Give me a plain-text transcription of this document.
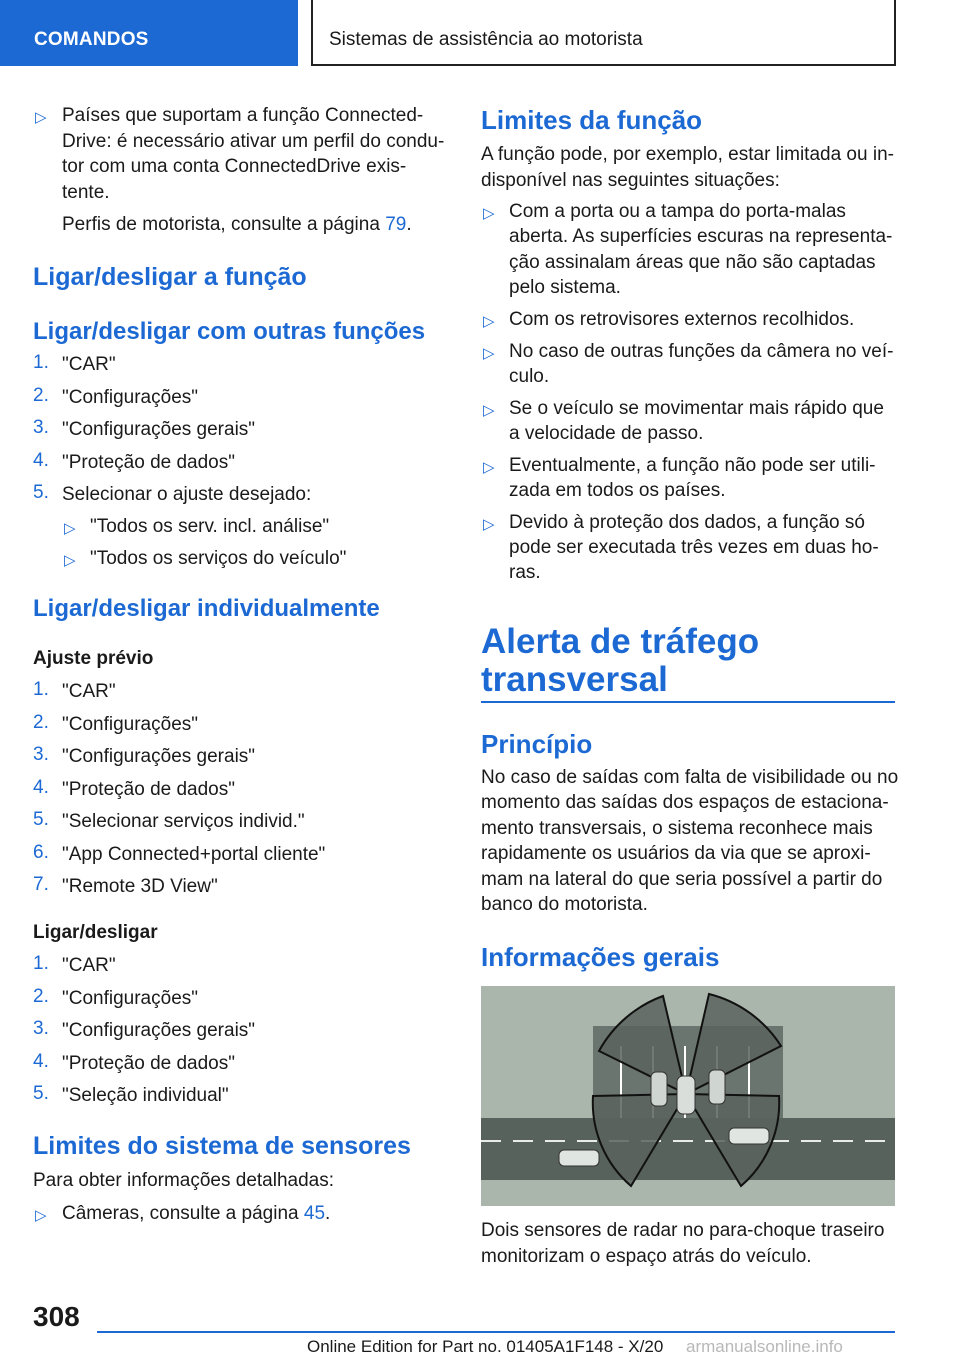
COMANDOS	Sistemas de assistência ao motorista
▷ Países que suportam a função Connected‐
Drive: é necessário ativar um perfil do condu‐
tor com uma conta ConnectedDrive exis‐
tente.
Perfis de motorista, consulte a página 79.
Ligar/desligar a função
Ligar/desligar com outras funções
1. "CAR"
2. "Configurações"
3. "Configurações gerais"
4. "Proteção de dados"
5. Selecionar o ajuste desejado:
▷ "Todos os serv. incl. análise"
▷ "Todos os serviços do veículo"
Ligar/desligar individualmente
Ajuste prévio
1. "CAR"
2. "Configurações"
3. "Configurações gerais"
4. "Proteção de dados"
5. "Selecionar serviços individ."
6. "App Connected+portal cliente"
7. "Remote 3D View"
Ligar/desligar
1. "CAR"
2. "Configurações"
3. "Configurações gerais"
4. "Proteção de dados"
5. "Seleção individual"
Limites do sistema de sensores
Para obter informações detalhadas:
▷ Câmeras, consulte a página 45.
Limites da função
A função pode, por exemplo, estar limitada ou in‐
disponível nas seguintes situações:
▷ Com a porta ou a tampa do porta-malas
aberta. As superfícies escuras na representa‐
ção assinalam áreas que não são captadas
pelo sistema.
▷ Com os retrovisores externos recolhidos.
▷ No caso de outras funções da câmera no veí‐
culo.
▷ Se o veículo se movimentar mais rápido que
a velocidade de passo.
▷ Eventualmente, a função não pode ser utili‐
zada em todos os países.
▷ Devido à proteção dos dados, a função só
pode ser executada três vezes em duas ho‐
ras.
Alerta de tráfego
transversal
Princípio
No caso de saídas com falta de visibilidade ou no
momento das saídas dos espaços de estaciona‐
mento transversais, o sistema reconhece mais
rapidamente os usuários da via que se aproxi‐
mam na lateral do que seria possível a partir do
banco do motorista.
Informações gerais
Dois sensores de radar no para-choque traseiro
monitorizam o espaço atrás do veículo.
308
Online Edition for Part no. 01405A1F148 - X/20 armanualsonline.info
